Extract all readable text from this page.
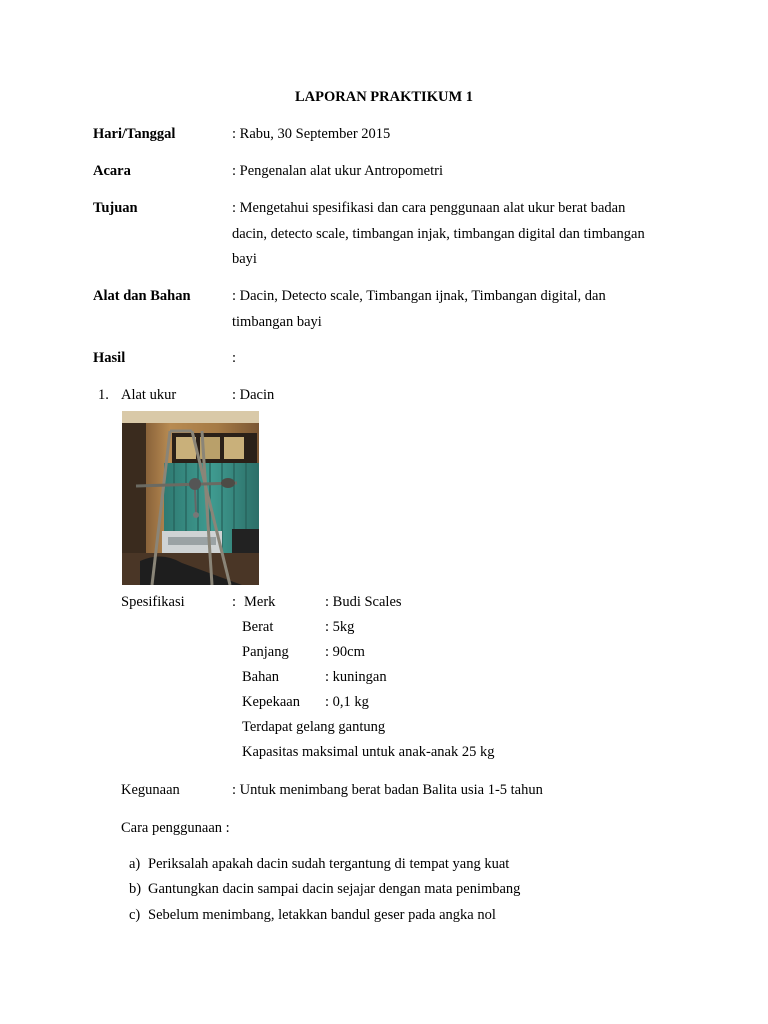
LAPORAN PRAKTIKUM 1
Hari/Tanggal	: Rabu, 30 September 2015
Acara	: Pengenalan alat ukur Antropometri
Tujuan	: Mengetahui spesifikasi dan cara penggunaan alat ukur berat badan
dacin, detecto scale, timbangan injak, timbangan digital dan timbangan
bayi
Alat dan Bahan	: Dacin, Detecto scale, Timbangan ijnak, Timbangan digital, dan
timbangan bayi
Hasil	:
1. Alat ukur	: Dacin
Spesifikasi	: Merk	: Budi Scales
Berat	: 5kg
Panjang	: 90cm
Bahan	: kuningan
Kepekaan : 0,1 kg
Terdapat gelang gantung
Kapasitas maksimal untuk anak-anak 25 kg
Kegunaan	: Untuk menimbang berat badan Balita usia 1-5 tahun
Cara penggunaan :
a) Periksalah apakah dacin sudah tergantung di tempat yang kuat
b) Gantungkan dacin sampai dacin sejajar dengan mata penimbang
c) Sebelum menimbang, letakkan bandul geser pada angka nol
